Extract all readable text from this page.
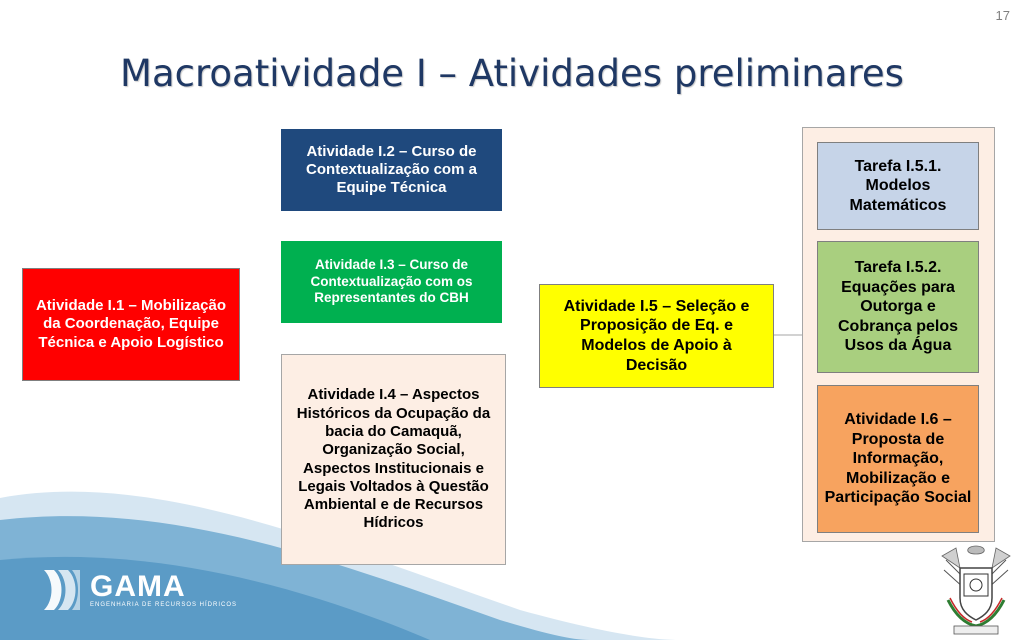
17
Macroatividade I – Atividades preliminares
Atividade I.1 – Mobilização da Coordenação, Equipe Técnica e Apoio Logístico
Atividade I.2 – Curso de Contextualização com a Equipe Técnica
Atividade I.3 – Curso de Contextualização com os Representantes do CBH
Atividade I.4 – Aspectos Históricos da Ocupação da bacia do Camaquã, Organização Social, Aspectos Institucionais e Legais Voltados à Questão Ambiental e de Recursos Hídricos
Atividade I.5 – Seleção e Proposição de Eq. e Modelos de Apoio à Decisão
Tarefa I.5.1. Modelos Matemáticos
Tarefa I.5.2. Equações para Outorga e Cobrança pelos Usos da Água
Atividade I.6 – Proposta de Informação, Mobilização e Participação Social
GAMA
ENGENHARIA DE RECURSOS HÍDRICOS
